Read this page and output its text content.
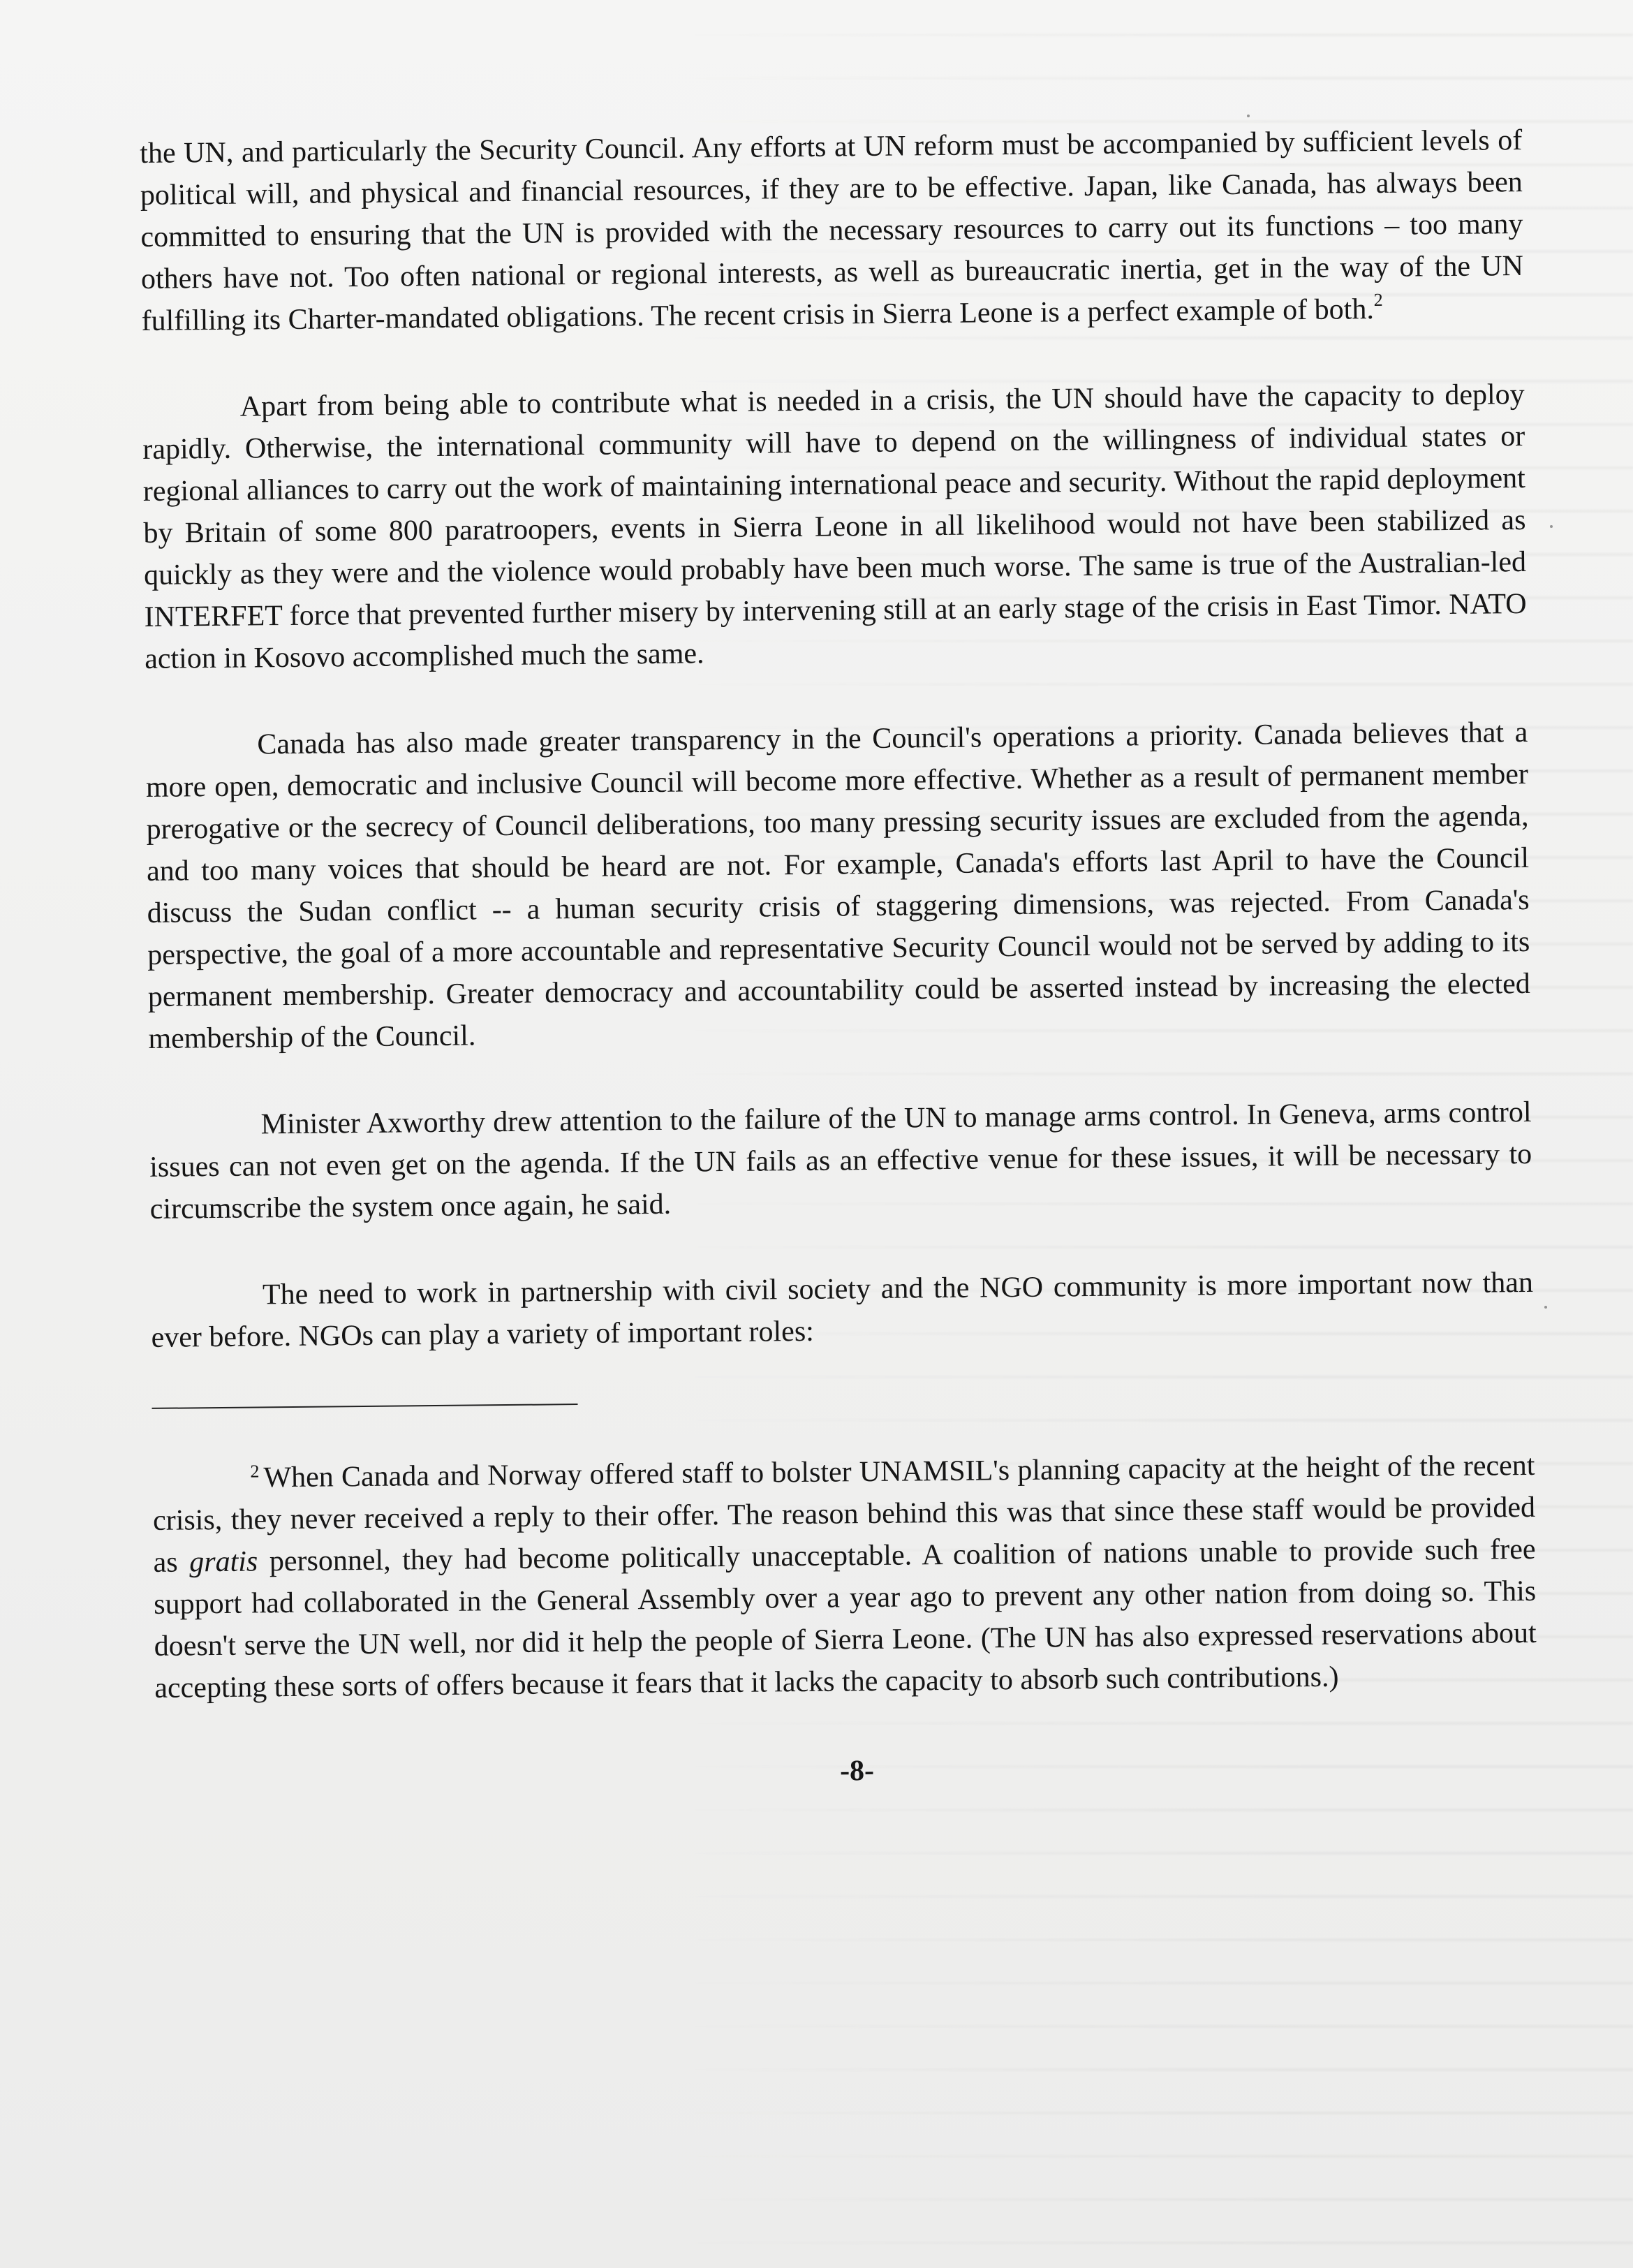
the UN, and particularly the Security Council. Any efforts at UN reform must be accompanied by sufficient levels of political will, and physical and financial resources, if they are to be effective. Japan, like Canada, has always been committed to ensuring that the UN is provided with the necessary resources to carry out its functions – too many others have not. Too often national or regional interests, as well as bureaucratic inertia, get in the way of the UN fulfilling its Charter-mandated obligations. The recent crisis in Sierra Leone is a perfect example of both.$^2$

Apart from being able to contribute what is needed in a crisis, the UN should have the capacity to deploy rapidly. Otherwise, the international community will have to depend on the willingness of individual states or regional alliances to carry out the work of maintaining international peace and security. Without the rapid deployment by Britain of some 800 paratroopers, events in Sierra Leone in all likelihood would not have been stabilized as quickly as they were and the violence would probably have been much worse. The same is true of the Australian-led INTERFET force that prevented further misery by intervening still at an early stage of the crisis in East Timor. NATO action in Kosovo accomplished much the same.

Canada has also made greater transparency in the Council's operations a priority. Canada believes that a more open, democratic and inclusive Council will become more effective. Whether as a result of permanent member prerogative or the secrecy of Council deliberations, too many pressing security issues are excluded from the agenda, and too many voices that should be heard are not. For example, Canada's efforts last April to have the Council discuss the Sudan conflict -- a human security crisis of staggering dimensions, was rejected. From Canada's perspective, the goal of a more accountable and representative Security Council would not be served by adding to its permanent membership. Greater democracy and accountability could be asserted instead by increasing the elected membership of the Council.

Minister Axworthy drew attention to the failure of the UN to manage arms control. In Geneva, arms control issues can not even get on the agenda. If the UN fails as an effective venue for these issues, it will be necessary to circumscribe the system once again, he said.

The need to work in partnership with civil society and the NGO community is more important now than ever before. NGOs can play a variety of important roles:

$^2$ When Canada and Norway offered staff to bolster UNAMSIL's planning capacity at the height of the recent crisis, they never received a reply to their offer. The reason behind this was that since these staff would be provided as gratis personnel, they had become politically unacceptable. A coalition of nations unable to provide such free support had collaborated in the General Assembly over a year ago to prevent any other nation from doing so. This doesn't serve the UN well, nor did it help the people of Sierra Leone. (The UN has also expressed reservations about accepting these sorts of offers because it fears that it lacks the capacity to absorb such contributions.)

-8-
